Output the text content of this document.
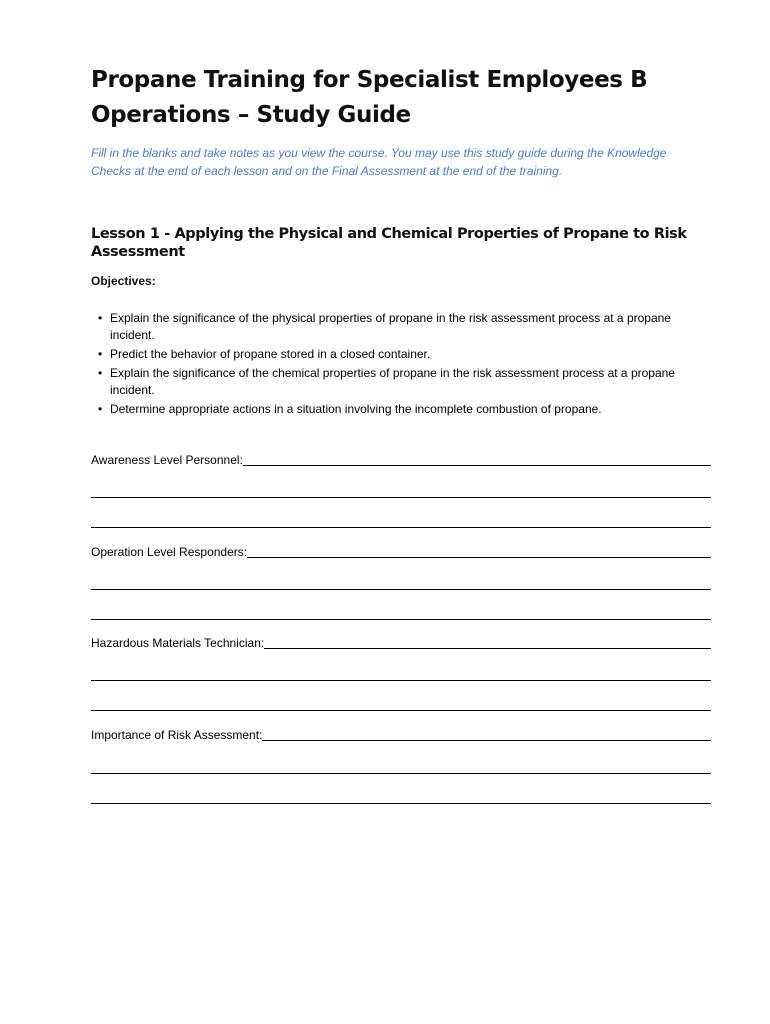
Propane Training for Specialist Employees B
Operations – Study Guide
Fill in the blanks and take notes as you view the course. You may use this study guide during the Knowledge
Checks at the end of each lesson and on the Final Assessment at the end of the training.
Lesson 1 - Applying the Physical and Chemical Properties of Propane to Risk
Assessment
Objectives:
• Explain the significance of the physical properties of propane in the risk assessment process at a propane incident.
• Predict the behavior of propane stored in a closed container.
• Explain the significance of the chemical properties of propane in the risk assessment process at a propane incident.
• Determine appropriate actions in a situation involving the incomplete combustion of propane.
Awareness Level Personnel:
Operation Level Responders:
Hazardous Materials Technician:
Importance of Risk Assessment:
